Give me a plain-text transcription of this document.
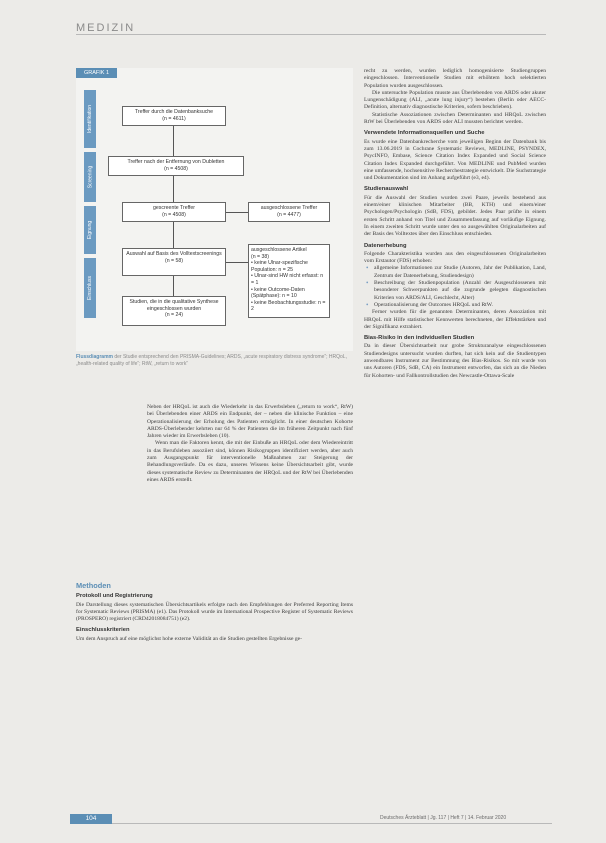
MEDIZIN
GRAFIK 1
Identifikation
Screening
Eignung
Einschluss
Treffer durch die Datenbanksuche
(n = 4611)
Treffer nach der Entfernung von Dubletten
(n = 4508)
gescreente Treffer
(n = 4508)
ausgeschlossene Treffer
(n = 4477)
Auswahl auf Basis des Volltextscreenings
(n = 58)
ausgeschlossene Artikel
(n = 38)
• keine Ulnar-spezifische Population: n = 25
• Ulnar-sind HW nicht erfasst: n = 1
• keine Outcome-Daten (Spätphase): n = 10
• keine Beobachtungsstudie: n = 2
Studien, die in die qualitative Synthese eingeschlossen wurden
(n = 24)
Flussdiagramm der Studie entsprechend den PRISMA-Guidelines; ARDS, „acute respiratory distress syndrome“; HRQoL, „health-related quality of life“; RtW, „return to work“

Neben der HRQoL ist auch die Wiederkehr in das Erwerbsleben („return to work“, RtW) bei Überlebenden einer ARDS ein Endpunkt, der – neben die klinische Funktion – eine Operationalisierung der Erholung des Patienten ermöglicht. In einer deutschen Kohorte ARDS-Überlebender kehrten nur 64 % der Patienten die im früheren Zeitpunkt nach fünf Jahren wieder im Erwerbsleben (10).

Wenn man die Faktoren kennt, die mit der Einbuße an HRQoL oder dem Wiedereintritt in das Berufsleben assoziiert sind, können Risikogruppen identifiziert werden, aber auch zum Ausgangspunkt für interventionelle Maßnahmen zur Steigerung der Behandlungsverläufe. Da es dazu, unseres Wissens keine Übersichtsarbeit gibt, wurde dieses systematische Review zu Determinanten der HRQoL und der RtW bei Überlebenden eines ARDS erstellt.

Methoden
Protokoll und Registrierung

Die Darstellung dieses systematischen Übersichtsartikels erfolgte nach den Empfehlungen der Preferred Reporting Items for Systematic Reviews (PRISMA) (e1). Das Protokoll wurde im International Prospective Register of Systematic Reviews (PROSPERO) registriert (CRD42018084751) (e2).

Einschlusskriterien

Um dem Anspruch auf eine möglichst hohe externe Validität an die Studien gestellten Ergebnisse ge-

recht zu werden, wurden lediglich homogenisierte Studiengruppen eingeschlossen. Interventionelle Studien mit erhöhtem hoch selektierten Population wurden ausgeschlossen.

Die untersuchte Population musste aus Überlebenden von ARDS oder akuter Lungenschädigung (ALI, „acute lung injury“) bestehen (Berlin oder AECC-Definition, alternativ diagnostische Kriterien, sofern beschrieben).

Statistische Assoziationen zwischen Determinanten und HRQoL zwischen RtW bei Überlebenden von ARDS oder ALI mussten berichtet werden.

Verwendete Informationsquellen und Suche

Es wurde eine Datenbankrecherche vom jeweiligen Beginn der Datenbank bis zum 13.06.2019 in Cochrane Systematic Reviews, MEDLINE, PSYNDEX, PsycINFO, Embase, Science Citation Index Expanded und Social Science Citation Index Expanded durchgeführt. Von MEDLINE und PubMed wurden eine umfassende, hochsensitive Recherchestrategie entwickelt. Die Suchstrategie und Dokumentation sind im Anhang aufgeführt (e3, e4).

Studienauswahl

Für die Auswahl der Studien wurden zwei Paare, jeweils bestehend aus einem/einer klinischen Mitarbeiter (BB, KTH) und einem/einer Psychologen/Psychologin (SdB, FDS), gebildet. Jedes Paar prüfte in einem ersten Schritt anhand von Titel und Zusammenfassung auf vorläufige Eignung. In einem zweiten Schritt wurde unter den so ausgewählten Originalarbeiten auf der Basis des Volltextes über den Einschluss entschieden.

Datenerhebung

Folgende Charakteristika wurden aus den eingeschlossenen Originalarbeiten vom Erstautor (FDS) erhoben:

• allgemeine Informationen zur Studie (Autoren, Jahr der Publikation, Land, Zentrum der Datenerhebung, Studiendesign)
• Beschreibung der Studienpopulation (Anzahl der Ausgeschlossenen mit besonderer Schwerpunkten auf die zugrunde gelegten diagnostischen Kriterien von ARDS/ALI, Geschlecht, Alter)
• Operationalisierung der Outcomes HRQoL und RtW.

Ferner wurden für die genannten Determinanten, deren Assoziation mit HRQoL mit Hilfe statistischer Kennwerten berechneten, der Effektstärken und der Signifikanz extrahiert.

Bias-Risiko in den individuellen Studien

Da in dieser Übersichtsarbeit nur grobe Strukturanalyse eingeschlossenen Studiendesigns untersucht wurden durften, hat sich kein auf die Studientypen anwendbares Instrument zur Bestimmung des Bias-Risikos. So mit wurde von uns Autoren (FDS, SdB, CA) ein Instrument entworfen, das sich an die Nieden für Kohorten- und Fallkontrollstudien des Newcastle-Ottawa-Scale

104	Deutsches Ärzteblatt | Jg. 117 | Heft 7 | 14. Februar 2020
